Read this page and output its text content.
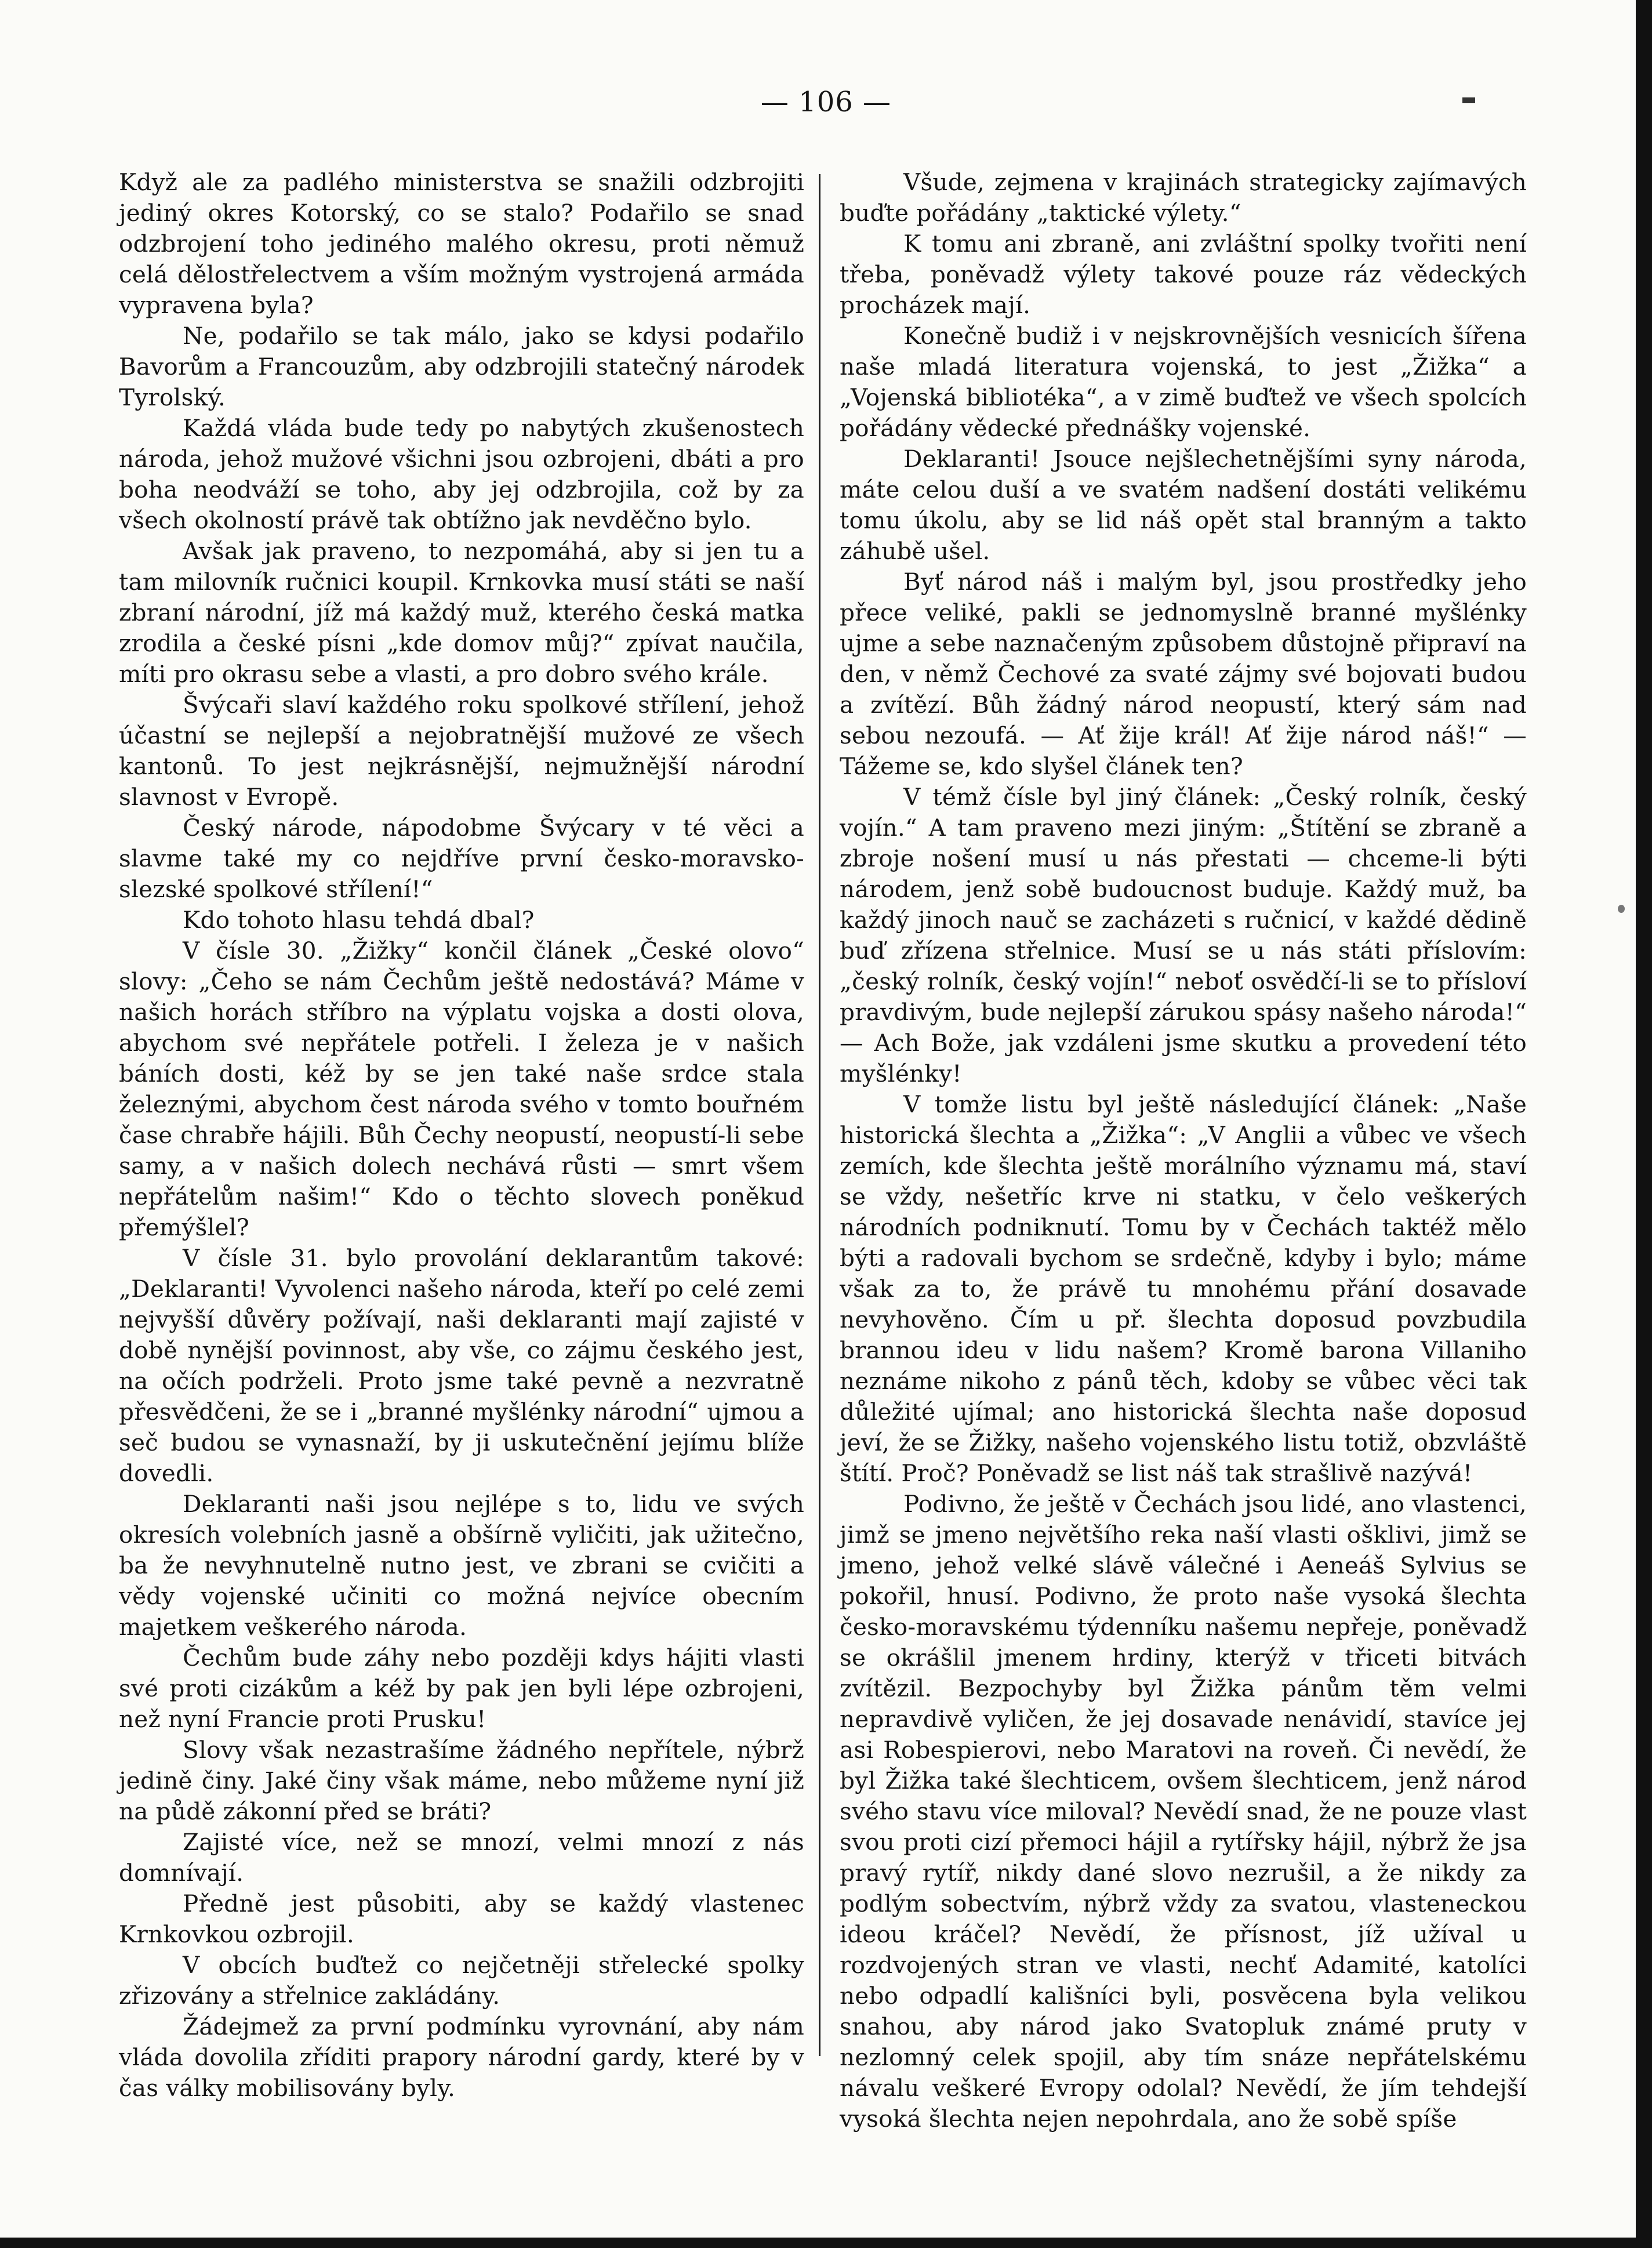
— 106 —

Když ale za padlého ministerstva se snažili odzbrojiti jediný okres Kotorský, co se stalo? Podařilo se snad odzbrojení toho jediného malého okresu, proti němuž celá dělostřelectvem a vším možným vystrojená armáda vypravena byla?

Ne, podařilo se tak málo, jako se kdysi podařilo Bavorům a Francouzům, aby odzbrojili statečný národek Tyrolský.

Každá vláda bude tedy po nabytých zkušenostech národa, jehož mužové všichni jsou ozbrojeni, dbáti a pro boha neodváží se toho, aby jej odzbrojila, což by za všech okolností právě tak obtížno jak nevděčno bylo.

Avšak jak praveno, to nezpomáhá, aby si jen tu a tam milovník ručnici koupil. Krnkovka musí státi se naší zbraní národní, jíž má každý muž, kterého česká matka zrodila a české písni „kde domov můj?“ zpívat naučila, míti pro okrasu sebe a vlasti, a pro dobro svého krále.

Švýcaři slaví každého roku spolkové střílení, jehož účastní se nejlepší a nejobratnější mužové ze všech kantonů. To jest nejkrásnější, nejmužnější národní slavnost v Evropě.

Český národe, nápodobme Švýcary v té věci a slavme také my co nejdříve první česko-moravsko-slezské spolkové střílení!“

Kdo tohoto hlasu tehdá dbal?

V čísle 30. „Žižky“ končil článek „České olovo“ slovy: „Čeho se nám Čechům ještě nedostává? Máme v našich horách stříbro na výplatu vojska a dosti olova, abychom své nepřátele potřeli. I železa je v našich báních dosti, kéž by se jen také naše srdce stala železnými, abychom čest národa svého v tomto bouřném čase chrabře hájili. Bůh Čechy neopustí, neopustí-li sebe samy, a v našich dolech nechává růsti — smrt všem nepřátelům našim!“ Kdo o těchto slovech poněkud přemýšlel?

V čísle 31. bylo provolání deklarantům takové: „Deklaranti! Vyvolenci našeho národa, kteří po celé zemi nejvyšší důvěry požívají, naši deklaranti mají zajisté v době nynější povinnost, aby vše, co zájmu českého jest, na očích podrželi. Proto jsme také pevně a nezvratně přesvědčeni, že se i „branné myšlénky národní“ ujmou a seč budou se vynasnaží, by ji uskutečnění jejímu blíže dovedli.

Deklaranti naši jsou nejlépe s to, lidu ve svých okresích volebních jasně a obšírně vyličiti, jak užitečno, ba že nevyhnutelně nutno jest, ve zbrani se cvičiti a vědy vojenské učiniti co možná nejvíce obecním majetkem veškerého národa.

Čechům bude záhy nebo později kdys hájiti vlasti své proti cizákům a kéž by pak jen byli lépe ozbrojeni, než nyní Francie proti Prusku!

Slovy však nezastrašíme žádného nepřítele, nýbrž jedině činy. Jaké činy však máme, nebo můžeme nyní již na půdě zákonní před se bráti?

Zajisté více, než se mnozí, velmi mnozí z nás domnívají.

Předně jest působiti, aby se každý vlastenec Krnkovkou ozbrojil.

V obcích buďtež co nejčetněji střelecké spolky zřizovány a střelnice zakládány.

Žádejmež za první podmínku vyrovnání, aby nám vláda dovolila zříditi prapory národní gardy, které by v čas války mobilisovány byly.

Všude, zejmena v krajinách strategicky zajímavých buďte pořádány „taktické výlety.“

K tomu ani zbraně, ani zvláštní spolky tvořiti není třeba, poněvadž výlety takové pouze ráz vědeckých procházek mají.

Konečně budiž i v nejskrovnějších vesnicích šířena naše mladá literatura vojenská, to jest „Žižka“ a „Vojenská bibliotéka“, a v zimě buďtež ve všech spolcích pořádány vědecké přednášky vojenské.

Deklaranti! Jsouce nejšlechetnějšími syny národa, máte celou duší a ve svatém nadšení dostáti velikému tomu úkolu, aby se lid náš opět stal branným a takto záhubě ušel.

Byť národ náš i malým byl, jsou prostředky jeho přece veliké, pakli se jednomyslně branné myšlénky ujme a sebe naznačeným způsobem důstojně připraví na den, v němž Čechové za svaté zájmy své bojovati budou a zvítězí. Bůh žádný národ neopustí, který sám nad sebou nezoufá. — Ať žije král! Ať žije národ náš!“ — Tážeme se, kdo slyšel článek ten?

V témž čísle byl jiný článek: „Český rolník, český vojín.“ A tam praveno mezi jiným: „Štítění se zbraně a zbroje nošení musí u nás přestati — chceme-li býti národem, jenž sobě budoucnost buduje. Každý muž, ba každý jinoch nauč se zacházeti s ručnicí, v každé dědině buď zřízena střelnice. Musí se u nás státi příslovím: „český rolník, český vojín!“ neboť osvědčí-li se to přísloví pravdivým, bude nejlepší zárukou spásy našeho národa!“ — Ach Bože, jak vzdáleni jsme skutku a provedení této myšlénky!

V tomže listu byl ještě následující článek: „Naše historická šlechta a „Žižka“: „V Anglii a vůbec ve všech zemích, kde šlechta ještě morálního významu má, staví se vždy, nešetříc krve ni statku, v čelo veškerých národních podniknutí. Tomu by v Čechách taktéž mělo býti a radovali bychom se srdečně, kdyby i bylo; máme však za to, že právě tu mnohému přání dosavade nevyhověno. Čím u př. šlechta doposud povzbudila brannou ideu v lidu našem? Kromě barona Villaniho neznáme nikoho z pánů těch, kdoby se vůbec věci tak důležité ujímal; ano historická šlechta naše doposud jeví, že se Žižky, našeho vojenského listu totiž, obzvláště štítí. Proč? Poněvadž se list náš tak strašlivě nazývá!

Podivno, že ještě v Čechách jsou lidé, ano vlastenci, jimž se jmeno největšího reka naší vlasti ošklivi, jimž se jmeno, jehož velké slávě válečné i Aeneáš Sylvius se pokořil, hnusí. Podivno, že proto naše vysoká šlechta česko-moravskému týdenníku našemu nepřeje, poněvadž se okrášlil jmenem hrdiny, kterýž v třiceti bitvách zvítězil. Bezpochyby byl Žižka pánům těm velmi nepravdivě vyličen, že jej dosavade nenávidí, stavíce jej asi Robespierovi, nebo Maratovi na roveň. Či nevědí, že byl Žižka také šlechticem, ovšem šlechticem, jenž národ svého stavu více miloval? Nevědí snad, že ne pouze vlast svou proti cizí přemoci hájil a rytířsky hájil, nýbrž že jsa pravý rytíř, nikdy dané slovo nezrušil, a že nikdy za podlým sobectvím, nýbrž vždy za svatou, vlasteneckou ideou kráčel? Nevědí, že přísnost, jíž užíval u rozdvojených stran ve vlasti, nechť Adamité, katolíci nebo odpadlí kališníci byli, posvěcena byla velikou snahou, aby národ jako Svatopluk známé pruty v nezlomný celek spojil, aby tím snáze nepřátelskému návalu veškeré Evropy odolal? Nevědí, že jím tehdejší vysoká šlechta nejen nepohrdala, ano že sobě spíše
